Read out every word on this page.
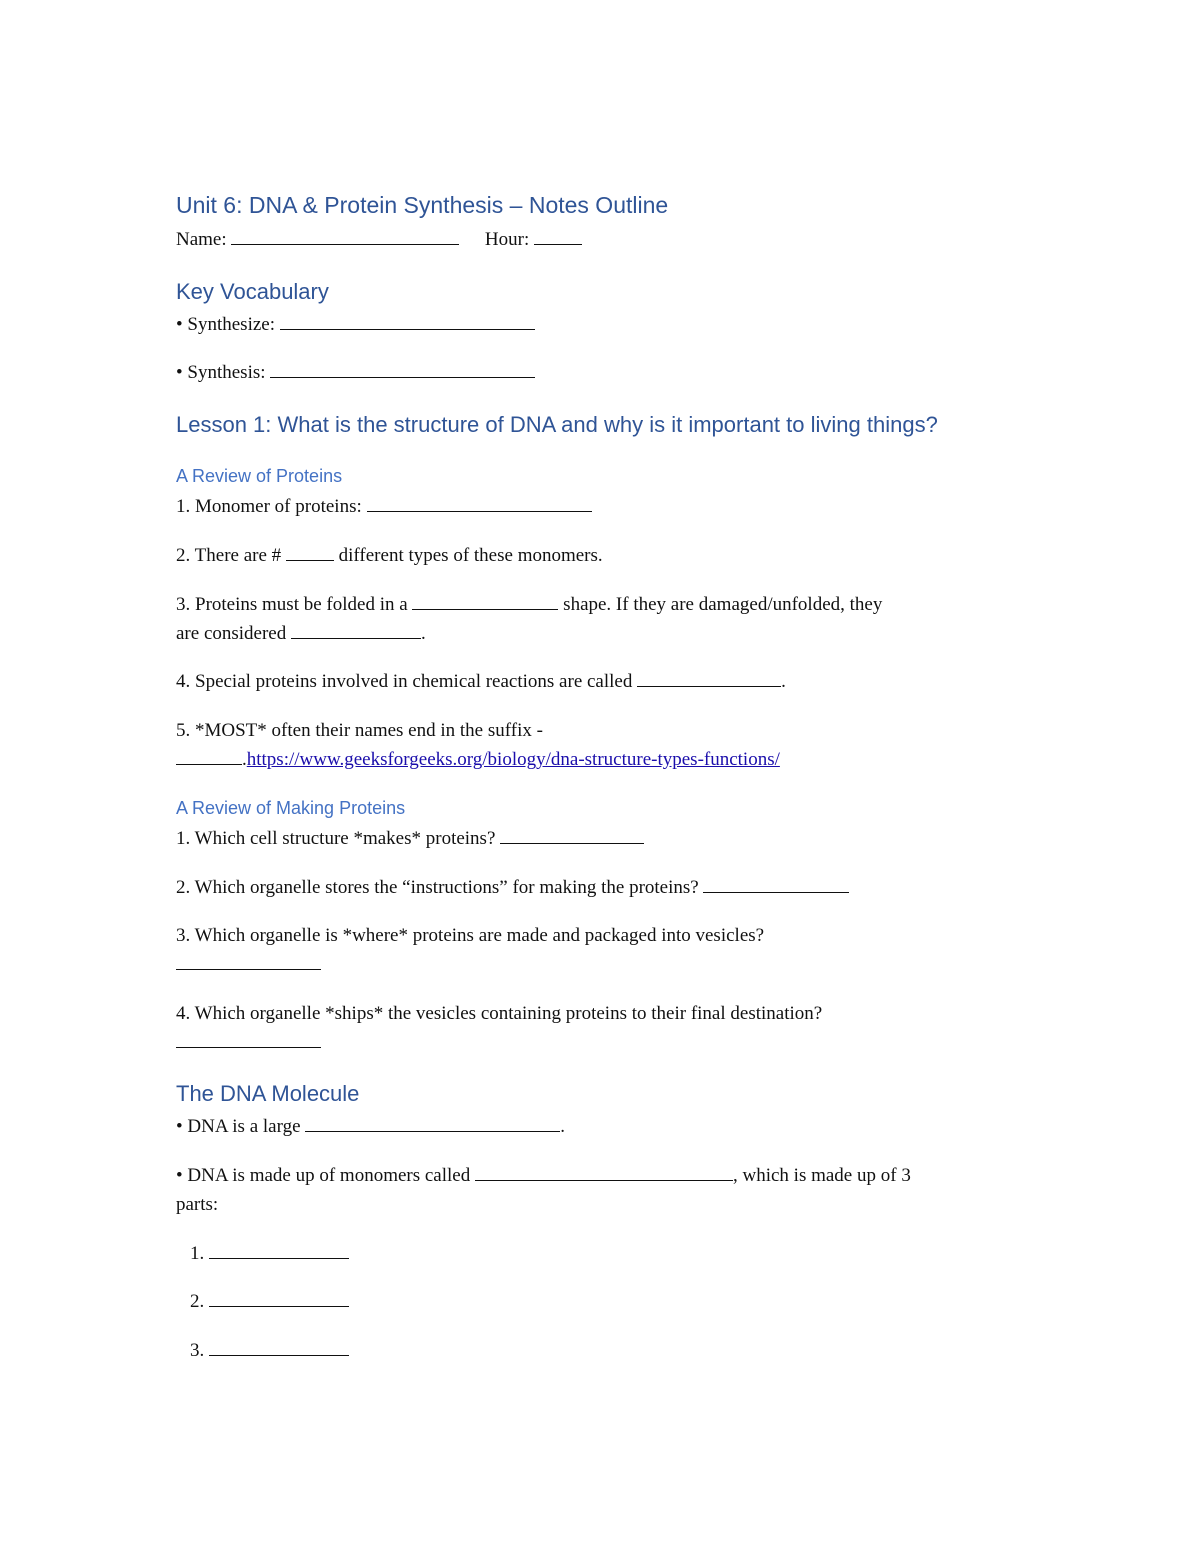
Unit 6: DNA & Protein Synthesis – Notes Outline
Name:	Hour:
Key Vocabulary
• Synthesize:
• Synthesis:
Lesson 1: What is the structure of DNA and why is it important to living things?
A Review of Proteins
1. Monomer of proteins:
2. There are #	different types of these monomers.
3. Proteins must be folded in a	shape. If they are damaged/unfolded, they
are considered	.
4. Special proteins involved in chemical reactions are called	.
5. *MOST* often their names end in the suffix -
.https://www.geeksforgeeks.org/biology/dna-structure-types-functions/
A Review of Making Proteins
1. Which cell structure *makes* proteins?
2. Which organelle stores the “instructions” for making the proteins?
3. Which organelle is *where* proteins are made and packaged into vesicles?
4. Which organelle *ships* the vesicles containing proteins to their final destination?
The DNA Molecule
• DNA is a large	.
• DNA is made up of monomers called	, which is made up of 3
parts:
1.
2.
3.
